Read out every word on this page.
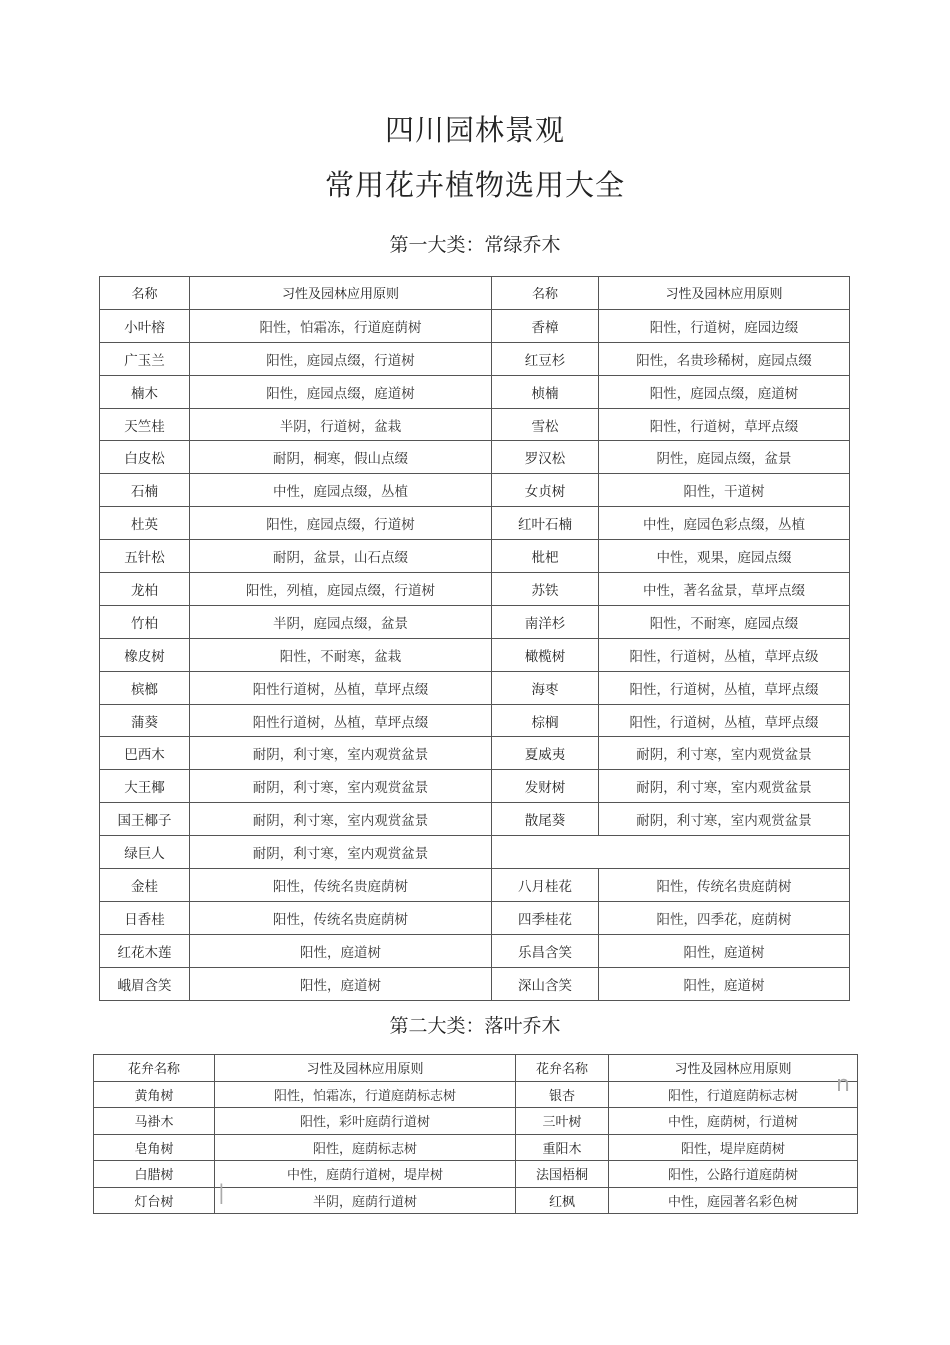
四川园林景观
常用花卉植物选用大全
第一大类：常绿乔木
名称	习性及园林应用原则	名称	习性及园林应用原则
小叶榕	阳性，怕霜冻，行道庭荫树	香樟	阳性，行道树，庭园边缀
广玉兰	阳性，庭园点缀，行道树	红豆杉	阳性，名贵珍稀树，庭园点缀
楠木	阳性，庭园点缀，庭道树	桢楠	阳性，庭园点缀，庭道树
天竺桂	半阴，行道树，盆栽	雪松	阳性，行道树，草坪点缀
白皮松	耐阴，桐寒，假山点缀	罗汉松	阴性，庭园点缀，盆景
石楠	中性，庭园点缀，丛植	女贞树	阳性，干道树
杜英	阳性，庭园点缀，行道树	红叶石楠	中性，庭园色彩点缀，丛植
五针松	耐阴，盆景，山石点缀	枇杷	中性，观果，庭园点缀
龙柏	阳性，列植，庭园点缀，行道树	苏铁	中性，著名盆景，草坪点缀
竹柏	半阴，庭园点缀，盆景	南洋杉	阳性，不耐寒，庭园点缀
橡皮树	阳性，不耐寒，盆栽	橄榄树	阳性，行道树，丛植，草坪点级
槟榔	阳性行道树，丛植，草坪点缀	海枣	阳性，行道树，丛植，草坪点缀
蒲葵	阳性行道树，丛植，草坪点缀	棕榈	阳性，行道树，丛植，草坪点缀
巴西木	耐阴，利寸寒，室内观赏盆景	夏威夷	耐阴，利寸寒，室内观赏盆景
大王椰	耐阴，利寸寒，室内观赏盆景	发财树	耐阴，利寸寒，室内观赏盆景
国王椰子	耐阴，利寸寒，室内观赏盆景	散尾葵	耐阴，利寸寒，室内观赏盆景
绿巨人	耐阴，利寸寒，室内观赏盆景		
金桂	阳性，传统名贵庭荫树	八月桂花	阳性，传统名贵庭荫树
日香桂	阳性，传统名贵庭荫树	四季桂花	阳性，四季花，庭荫树
红花木莲	阳性，庭道树	乐昌含笑	阳性，庭道树
峨眉含笑	阳性，庭道树	深山含笑	阳性，庭道树
第二大类：落叶乔木
花弁名称	习性及园林应用原则	花弁名称	习性及园林应用原则
黄角树	阳性，怕霜冻，行道庭荫标志树	银杏	阳性，行道庭荫标志树
马褂木	阳性，彩叶庭荫行道树	三叶树	中性，庭荫树，行道树
皂角树	阳性，庭荫标志树	重阳木	阳性，堤岸庭荫树
白腊树	中性，庭荫行道树，堤岸树	法国梧桐	阳性，公路行道庭荫树
灯台树	半阴，庭荫行道树	红枫	中性，庭园著名彩色树
n
|
